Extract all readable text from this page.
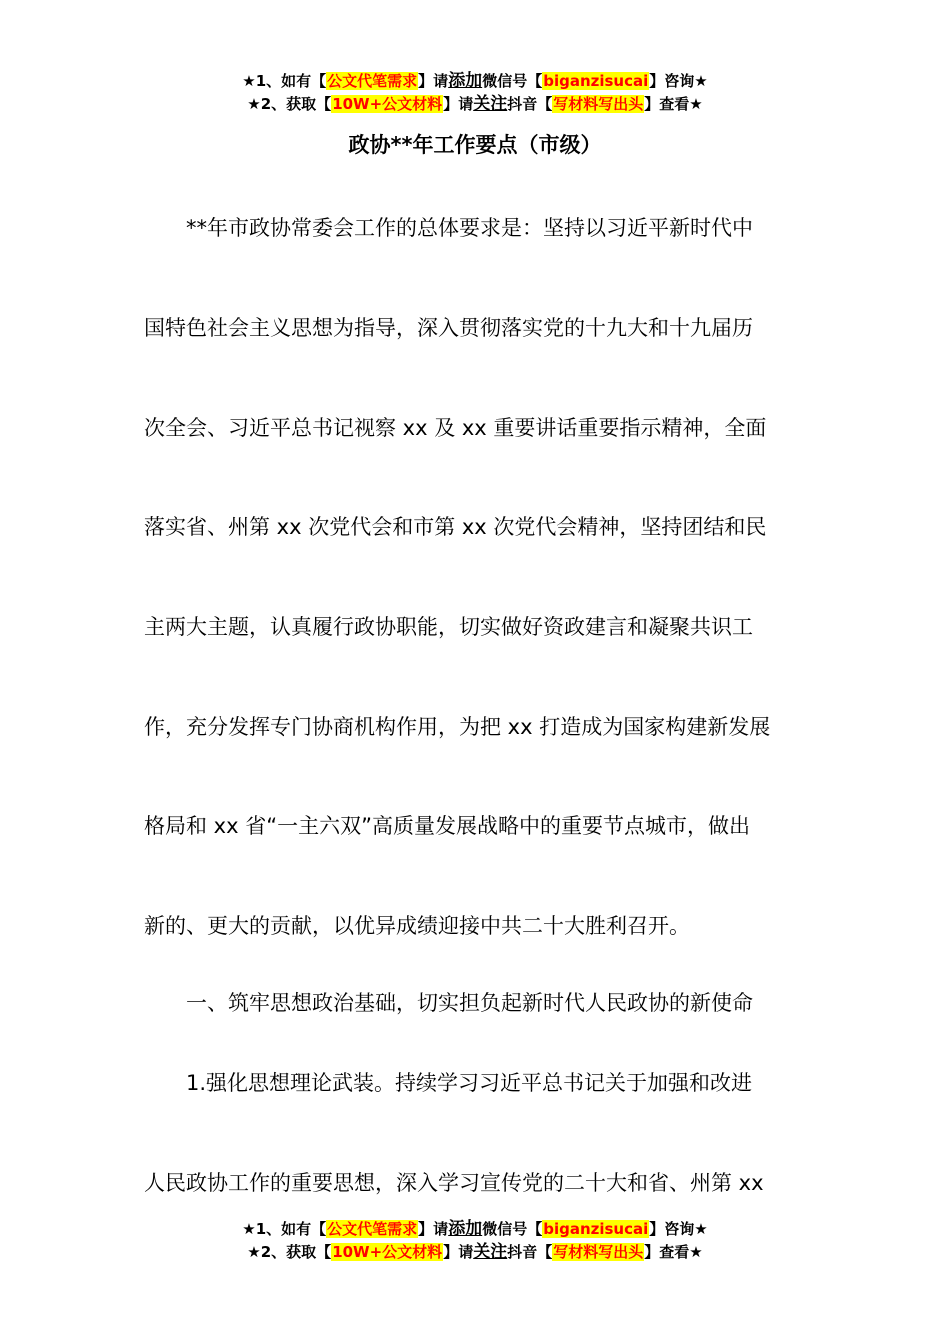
★1、如有【公文代笔需求】请添加微信号【biganzisucai】咨询★
★2、获取【10W+公文材料】请关注抖音【写材料写出头】查看★
政协**年工作要点（市级）
　　**年市政协常委会工作的总体要求是：坚持以习近平新时代中
国特色社会主义思想为指导，深入贯彻落实党的十九大和十九届历
次全会、习近平总书记视察 xx 及 xx 重要讲话重要指示精神，全面
落实省、州第 xx 次党代会和市第 xx 次党代会精神，坚持团结和民
主两大主题，认真履行政协职能，切实做好资政建言和凝聚共识工
作，充分发挥专门协商机构作用，为把 xx 打造成为国家构建新发展
格局和 xx 省“一主六双”高质量发展战略中的重要节点城市，做出
新的、更大的贡献，以优异成绩迎接中共二十大胜利召开。
　　一、筑牢思想政治基础，切实担负起新时代人民政协的新使命
　　1.强化思想理论武装。持续学习习近平总书记关于加强和改进
人民政协工作的重要思想，深入学习宣传党的二十大和省、州第 xx
★1、如有【公文代笔需求】请添加微信号【biganzisucai】咨询★
★2、获取【10W+公文材料】请关注抖音【写材料写出头】查看★
